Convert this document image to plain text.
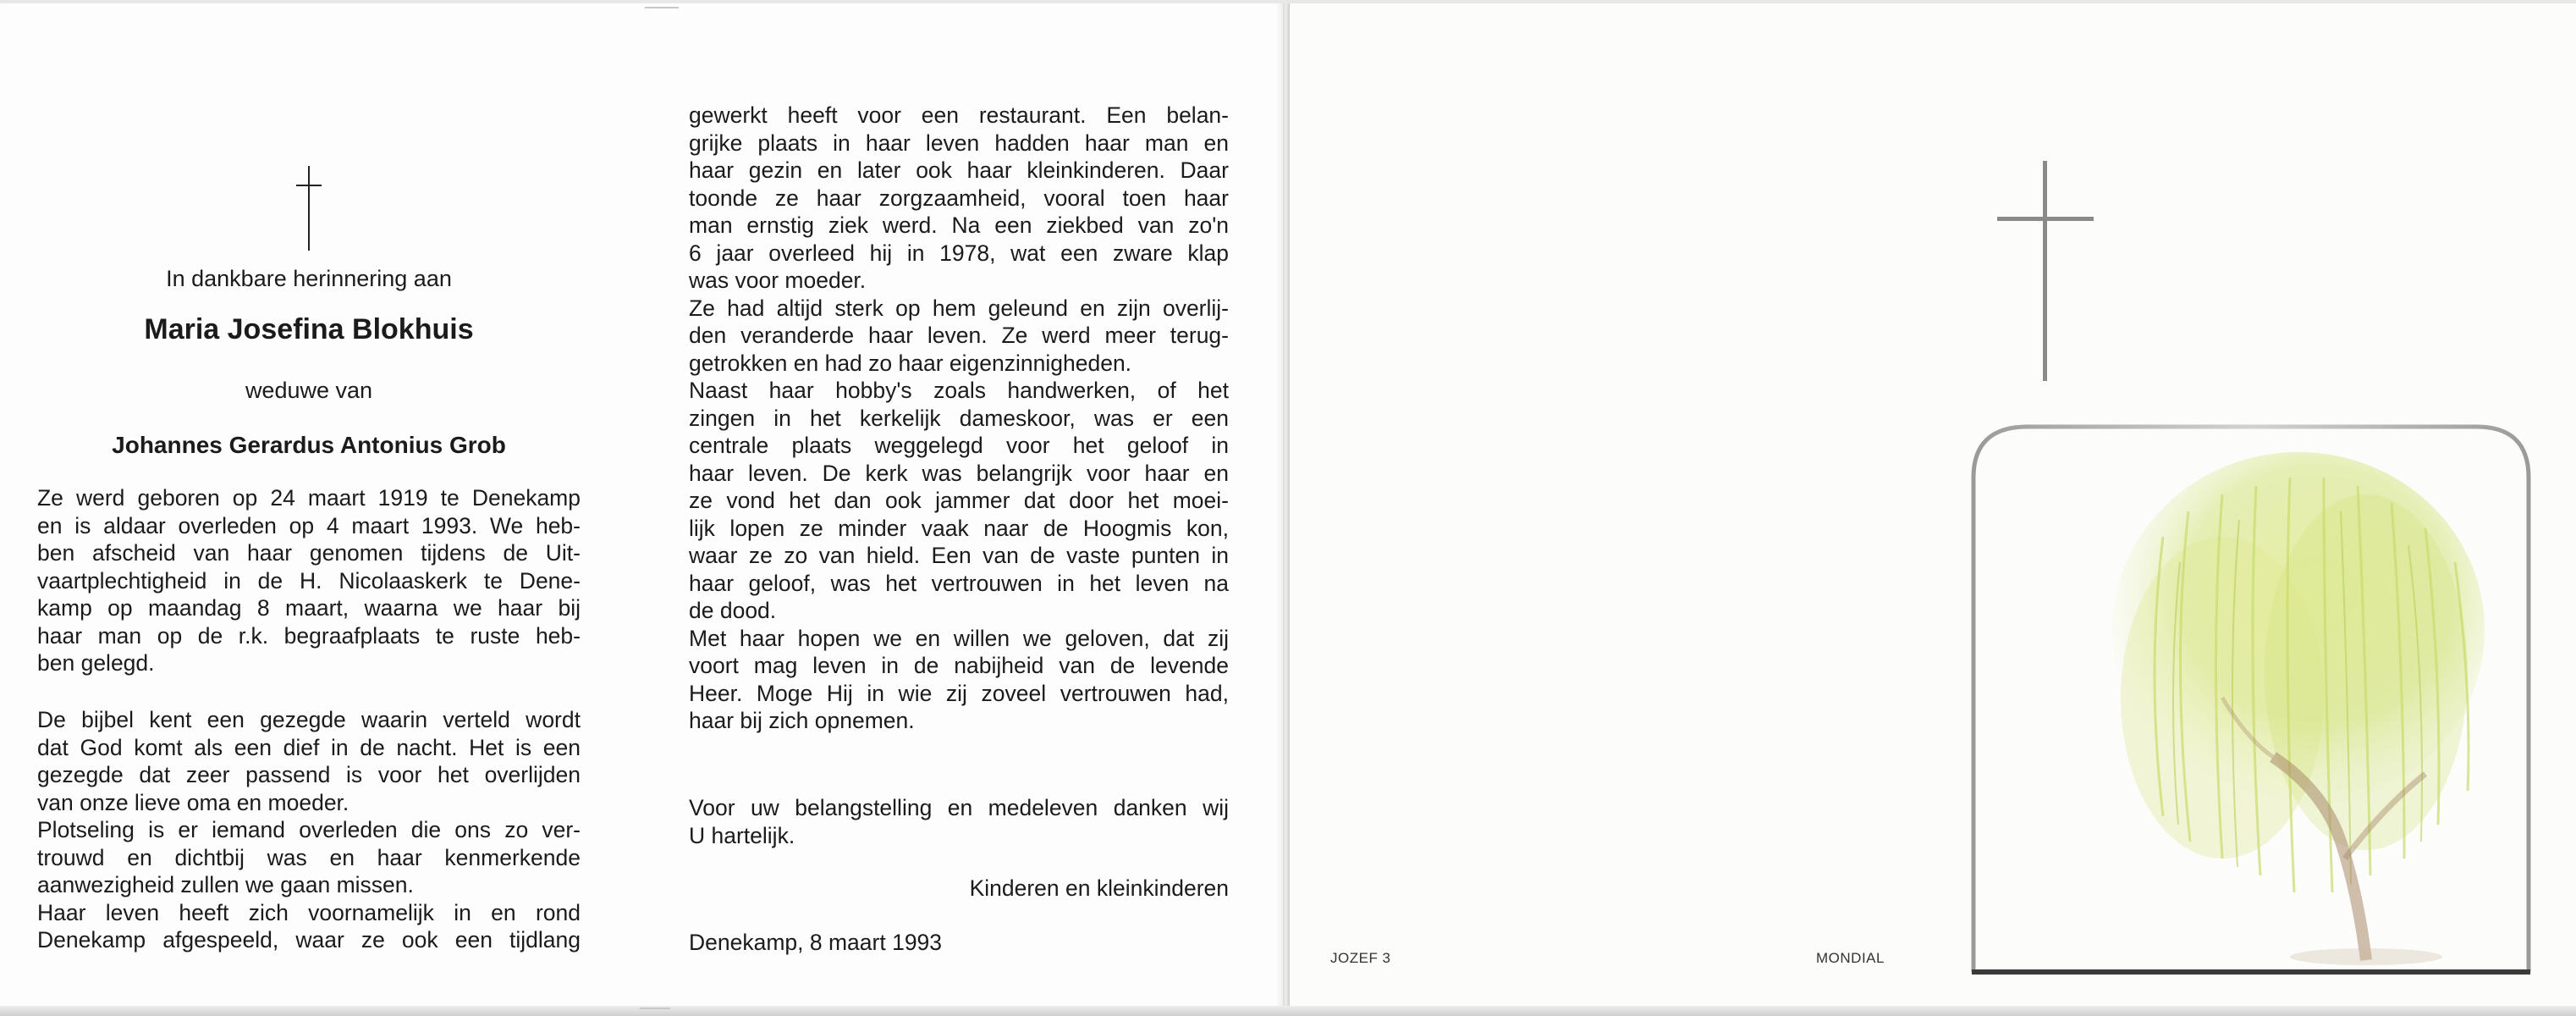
In dankbare herinnering aan
Maria Josefina Blokhuis
weduwe van
Johannes Gerardus Antonius Grob
Ze werd geboren op 24 maart 1919 te Denekamp
en is aldaar overleden op 4 maart 1993. We heb-
ben afscheid van haar genomen tijdens de Uit-
vaartplechtigheid in de H. Nicolaaskerk te Dene-
kamp op maandag 8 maart, waarna we haar bij
haar man op de r.k. begraafplaats te ruste heb-
ben gelegd.
De bijbel kent een gezegde waarin verteld wordt
dat God komt als een dief in de nacht. Het is een
gezegde dat zeer passend is voor het overlijden
van onze lieve oma en moeder.
Plotseling is er iemand overleden die ons zo ver-
trouwd en dichtbij was en haar kenmerkende
aanwezigheid zullen we gaan missen.
Haar leven heeft zich voornamelijk in en rond
Denekamp afgespeeld, waar ze ook een tijdlang
gewerkt heeft voor een restaurant. Een belan-
grijke plaats in haar leven hadden haar man en
haar gezin en later ook haar kleinkinderen. Daar
toonde ze haar zorgzaamheid, vooral toen haar
man ernstig ziek werd. Na een ziekbed van zo'n
6 jaar overleed hij in 1978, wat een zware klap
was voor moeder.
Ze had altijd sterk op hem geleund en zijn overlij-
den veranderde haar leven. Ze werd meer terug-
getrokken en had zo haar eigenzinnigheden.
Naast haar hobby's zoals handwerken, of het
zingen in het kerkelijk dameskoor, was er een
centrale plaats weggelegd voor het geloof in
haar leven. De kerk was belangrijk voor haar en
ze vond het dan ook jammer dat door het moei-
lijk lopen ze minder vaak naar de Hoogmis kon,
waar ze zo van hield. Een van de vaste punten in
haar geloof, was het vertrouwen in het leven na
de dood.
Met haar hopen we en willen we geloven, dat zij
voort mag leven in de nabijheid van de levende
Heer. Moge Hij in wie zij zoveel vertrouwen had,
haar bij zich opnemen.
Voor uw belangstelling en medeleven danken wij
U hartelijk.
Kinderen en kleinkinderen
Denekamp, 8 maart 1993
JOZEF 3	MONDIAL
